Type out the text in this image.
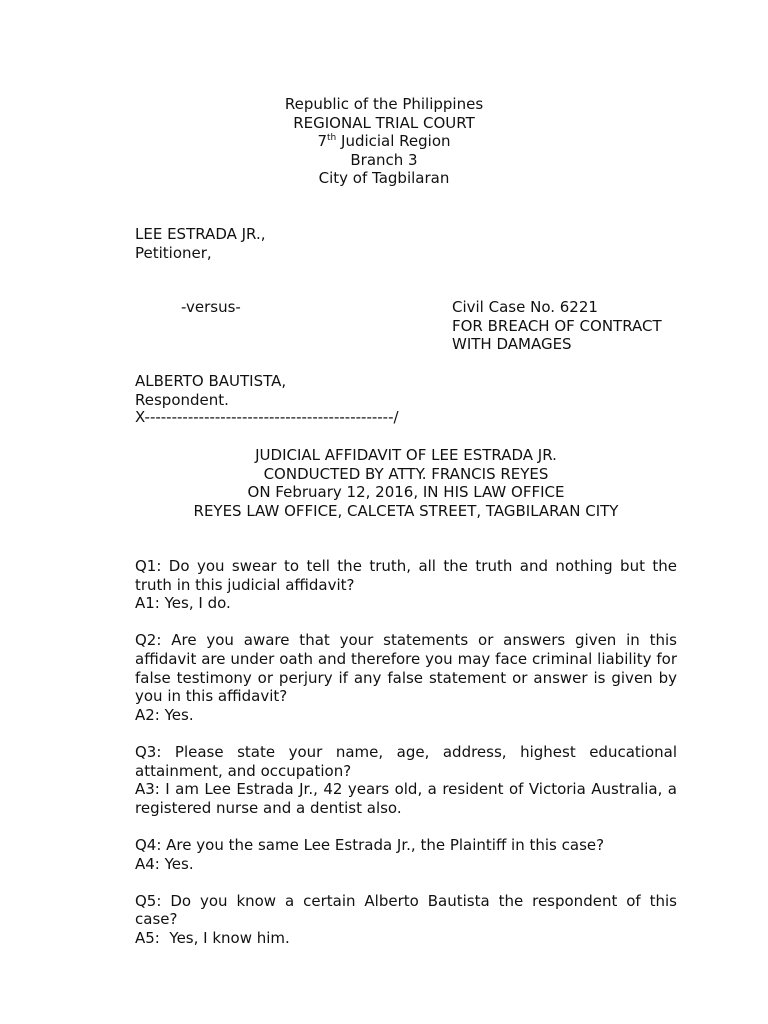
Republic of the Philippines
REGIONAL TRIAL COURT
7th Judicial Region
Branch 3
City of Tagbilaran
LEE ESTRADA JR.,
Petitioner,
-versus-	Civil Case No. 6221
FOR BREACH OF CONTRACT
WITH DAMAGES
ALBERTO BAUTISTA,
Respondent.
X----------------------------------------------/
JUDICIAL AFFIDAVIT OF LEE ESTRADA JR.
CONDUCTED BY ATTY. FRANCIS REYES
ON February 12, 2016, IN HIS LAW OFFICE
REYES LAW OFFICE, CALCETA STREET, TAGBILARAN CITY
Q1: Do you swear to tell the truth, all the truth and nothing but the truth in this judicial affidavit?
A1: Yes, I do.
Q2: Are you aware that your statements or answers given in this affidavit are under oath and therefore you may face criminal liability for false testimony or perjury if any false statement or answer is given by you in this affidavit?
A2: Yes.
Q3: Please state your name, age, address, highest educational attainment, and occupation?
A3: I am Lee Estrada Jr., 42 years old, a resident of Victoria Australia, a registered nurse and a dentist also.
Q4: Are you the same Lee Estrada Jr., the Plaintiff in this case?
A4: Yes.
Q5: Do you know a certain Alberto Bautista the respondent of this case?
A5:  Yes, I know him.
